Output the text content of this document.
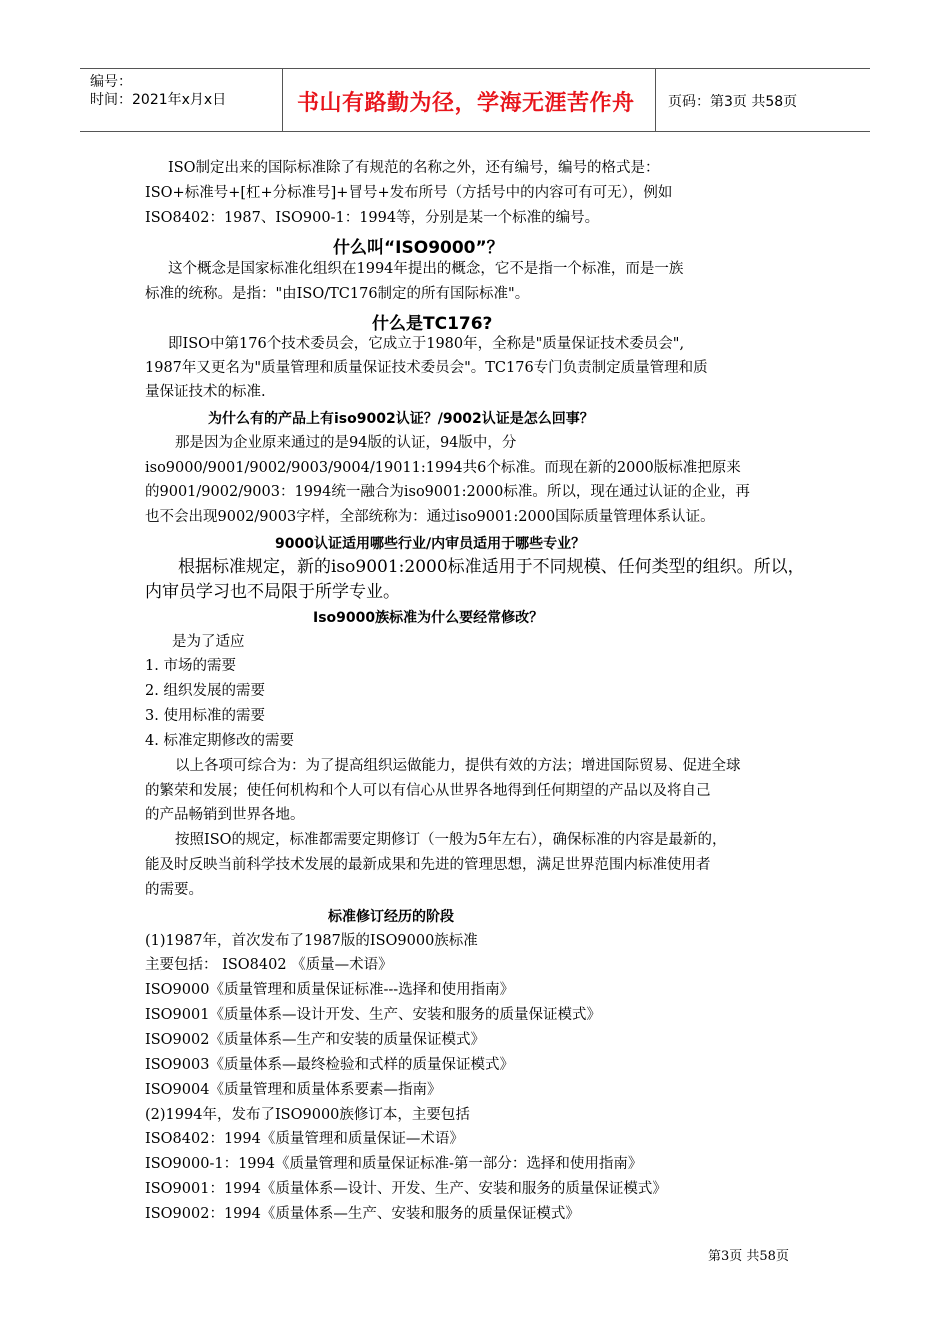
编号：
时间：2021年x月x日	书山有路勤为径，学海无涯苦作舟 页码：第3页 共58页
ISO制定出来的国际标准除了有规范的名称之外，还有编号，编号的格式是：
ISO+标准号+[杠+分标准号]+冒号+发布所号（方括号中的内容可有可无），例如
ISO8402：1987、ISO900-1：1994等，分别是某一个标准的编号。
什么叫“ISO9000”？
这个概念是国家标准化组织在1994年提出的概念，它不是指一个标准，而是一族
标准的统称。是指："由ISO/TC176制定的所有国际标准"。
什么是TC176?
即ISO中第176个技术委员会，它成立于1980年，全称是"质量保证技术委员会",
1987年又更名为"质量管理和质量保证技术委员会"。TC176专门负责制定质量管理和质
量保证技术的标准.
为什么有的产品上有iso9002认证？/9002认证是怎么回事？
那是因为企业原来通过的是94版的认证，94版中，分
iso9000/9001/9002/9003/9004/19011:1994共6个标准。而现在新的2000版标准把原来
的9001/9002/9003：1994统一融合为iso9001:2000标准。所以，现在通过认证的企业，再
也不会出现9002/9003字样，全部统称为：通过iso9001:2000国际质量管理体系认证。
9000认证适用哪些行业/内审员适用于哪些专业？
根据标准规定，新的iso9001:2000标准适用于不同规模、任何类型的组织。所以，
内审员学习也不局限于所学专业。
Iso9000族标准为什么要经常修改？
是为了适应
1. 市场的需要
2. 组织发展的需要
3. 使用标准的需要
4. 标准定期修改的需要
以上各项可综合为：为了提高组织运做能力，提供有效的方法；增进国际贸易、促进全球
的繁荣和发展；使任何机构和个人可以有信心从世界各地得到任何期望的产品以及将自己
的产品畅销到世界各地。
按照ISO的规定，标准都需要定期修订（一般为5年左右），确保标准的内容是最新的，
能及时反映当前科学技术发展的最新成果和先进的管理思想，满足世界范围内标准使用者
的需要。
标准修订经历的阶段
(1)1987年，首次发布了1987版的ISO9000族标准
主要包括： ISO8402 《质量—术语》
ISO9000《质量管理和质量保证标准---选择和使用指南》
ISO9001《质量体系—设计开发、生产、安装和服务的质量保证模式》
ISO9002《质量体系—生产和安装的质量保证模式》
ISO9003《质量体系—最终检验和式样的质量保证模式》
ISO9004《质量管理和质量体系要素—指南》
(2)1994年，发布了ISO9000族修订本，主要包括
ISO8402：1994《质量管理和质量保证—术语》
ISO9000-1：1994《质量管理和质量保证标准-第一部分：选择和使用指南》
ISO9001：1994《质量体系—设计、开发、生产、安装和服务的质量保证模式》
ISO9002：1994《质量体系—生产、安装和服务的质量保证模式》
第3页 共58页
